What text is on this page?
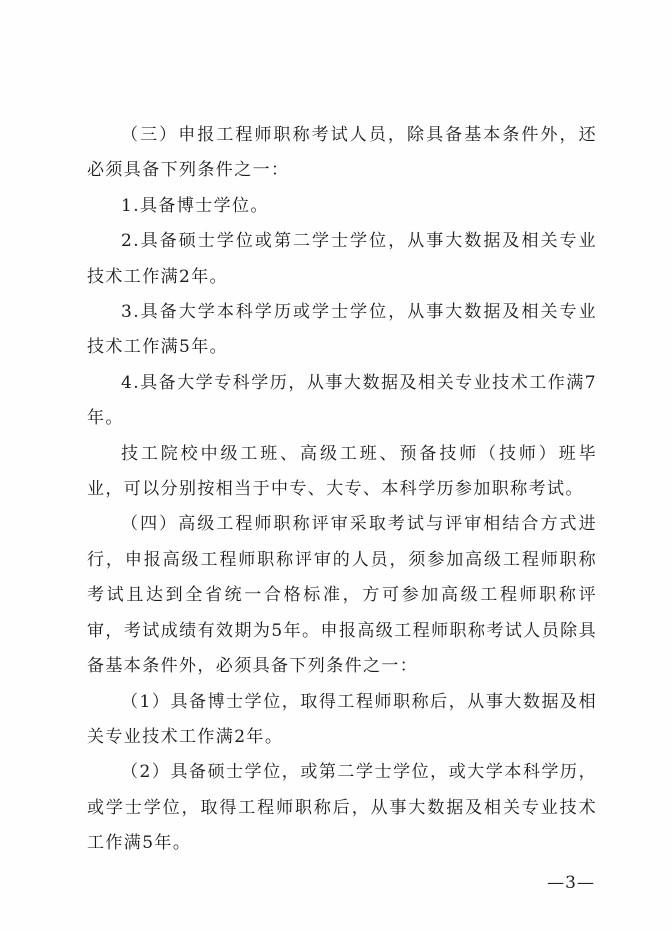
（三）申报工程师职称考试人员，除具备基本条件外，还必须具备下列条件之一：

1.具备博士学位。

2.具备硕士学位或第二学士学位，从事大数据及相关专业技术工作满2年。

3.具备大学本科学历或学士学位，从事大数据及相关专业技术工作满5年。

4.具备大学专科学历，从事大数据及相关专业技术工作满7年。

技工院校中级工班、高级工班、预备技师（技师）班毕业，可以分别按相当于中专、大专、本科学历参加职称考试。

（四）高级工程师职称评审采取考试与评审相结合方式进行，申报高级工程师职称评审的人员，须参加高级工程师职称考试且达到全省统一合格标准，方可参加高级工程师职称评审，考试成绩有效期为5年。申报高级工程师职称考试人员除具备基本条件外，必须具备下列条件之一：

（1）具备博士学位，取得工程师职称后，从事大数据及相关专业技术工作满2年。

（2）具备硕士学位，或第二学士学位，或大学本科学历，或学士学位，取得工程师职称后，从事大数据及相关专业技术工作满5年。

—3—
